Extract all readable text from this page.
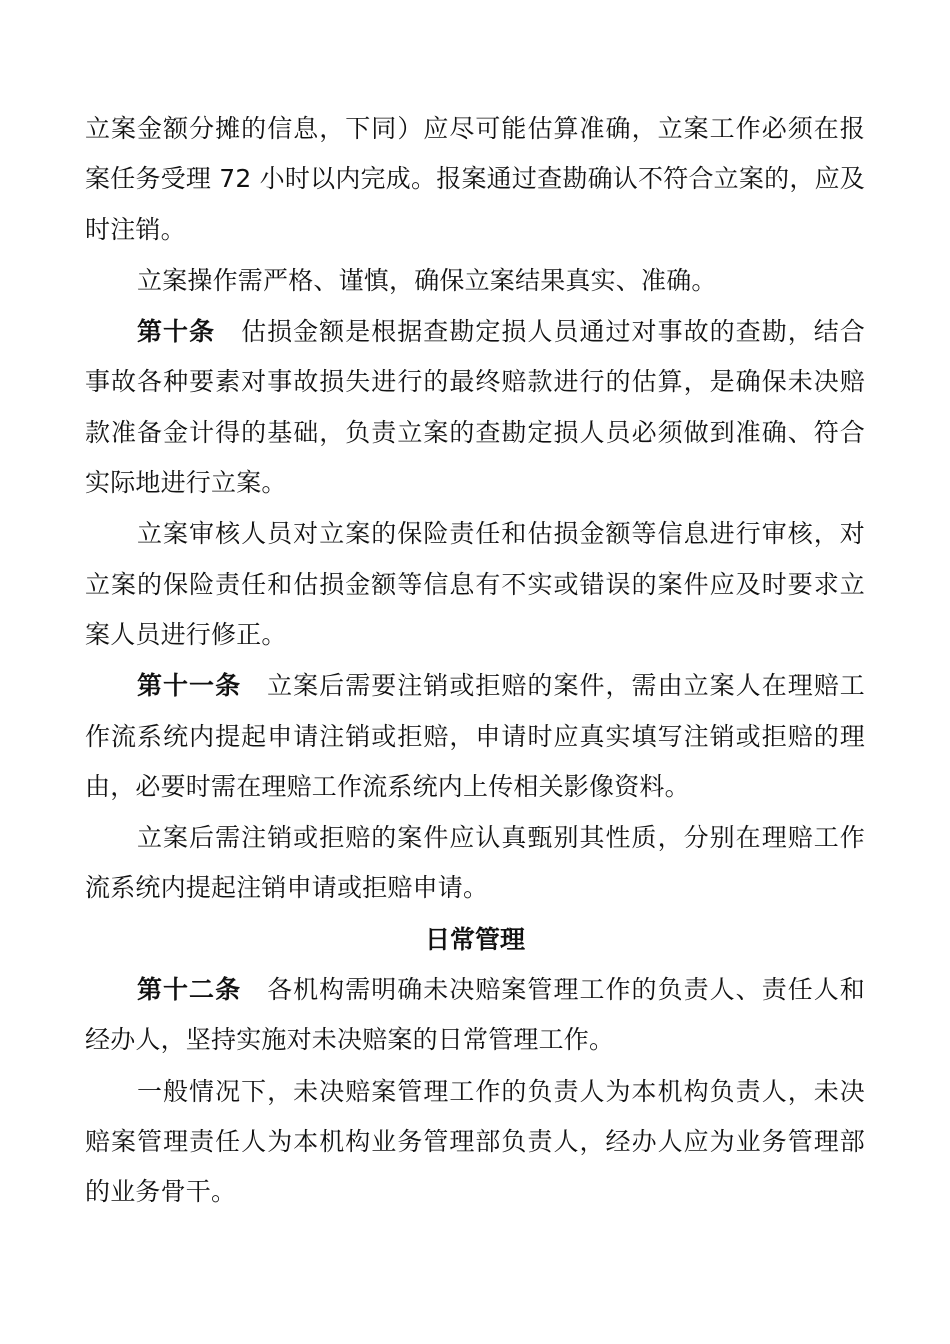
立案金额分摊的信息，下同）应尽可能估算准确，立案工作必须在报案任务受理 72 小时以内完成。报案通过查勘确认不符合立案的，应及时注销。

立案操作需严格、谨慎，确保立案结果真实、准确。

第十条 估损金额是根据查勘定损人员通过对事故的查勘，结合事故各种要素对事故损失进行的最终赔款进行的估算，是确保未决赔款准备金计得的基础，负责立案的查勘定损人员必须做到准确、符合实际地进行立案。

立案审核人员对立案的保险责任和估损金额等信息进行审核，对立案的保险责任和估损金额等信息有不实或错误的案件应及时要求立案人员进行修正。

第十一条 立案后需要注销或拒赔的案件，需由立案人在理赔工作流系统内提起申请注销或拒赔，申请时应真实填写注销或拒赔的理由，必要时需在理赔工作流系统内上传相关影像资料。

立案后需注销或拒赔的案件应认真甄别其性质，分别在理赔工作流系统内提起注销申请或拒赔申请。

日常管理

第十二条 各机构需明确未决赔案管理工作的负责人、责任人和经办人，坚持实施对未决赔案的日常管理工作。

一般情况下，未决赔案管理工作的负责人为本机构负责人，未决赔案管理责任人为本机构业务管理部负责人，经办人应为业务管理部的业务骨干。
